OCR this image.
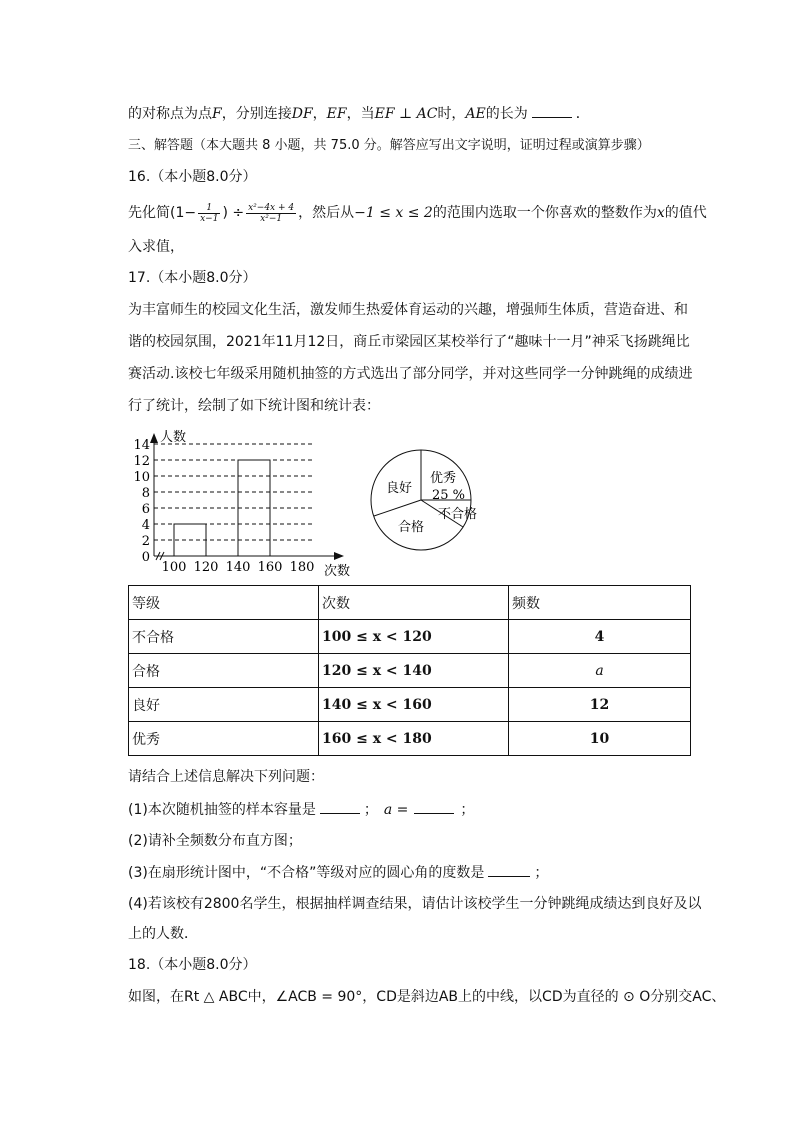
的对称点为点F，分别连接DF，EF，当EF ⊥ AC时，AE的长为	．
三、解答题（本大题共 8 小题，共 75.0 分。解答应写出文字说明，证明过程或演算步骤）
16.（本小题8.0分）
先化简($1- \frac{1}{x-1}$ ) ÷ $\frac{\text{x²−4x + 4}}{\text{x²−1}}$ ，然后从−1 ≤ x ≤ 2的范围内选取一个你喜欢的整数作为x的值代
入求值，
17.（本小题8.0分）
为丰富师生的校园文化生活，激发师生热爱体育运动的兴趣，增强师生体质，营造奋进、和
谐的校园氛围，2021年11月12日，商丘市梁园区某校举行了“趣味十一月”神采飞扬跳绳比
赛活动.该校七年级采用随机抽签的方式选出了部分同学，并对这些同学一分钟跳绳的成绩进
行了统计，绘制了如下统计图和统计表：
0
2
4
6
8
10
12
14
100 120 140 160 180
人数
次数
优秀
25 %
良好
合格
不合格
等级	次数	频数
不合格	100 ≤ x < 120	4
合格	120 ≤ x < 140	a
良好	140 ≤ x < 160	12
优秀	160 ≤ x < 180	10
请结合上述信息解决下列问题：
(1)本次随机抽签的样本容量是	； a =	；
(2)请补全频数分布直方图；
(3)在扇形统计图中，“不合格”等级对应的圆心角的度数是	；
(4)若该校有2800名学生，根据抽样调查结果，请估计该校学生一分钟跳绳成绩达到良好及以
上的人数．
18.（本小题8.0分）
如图，在Rt △ ABC中，∠ACB = 90°，CD是斜边AB上的中线，以CD为直径的 ⊙ O分别交AC、
